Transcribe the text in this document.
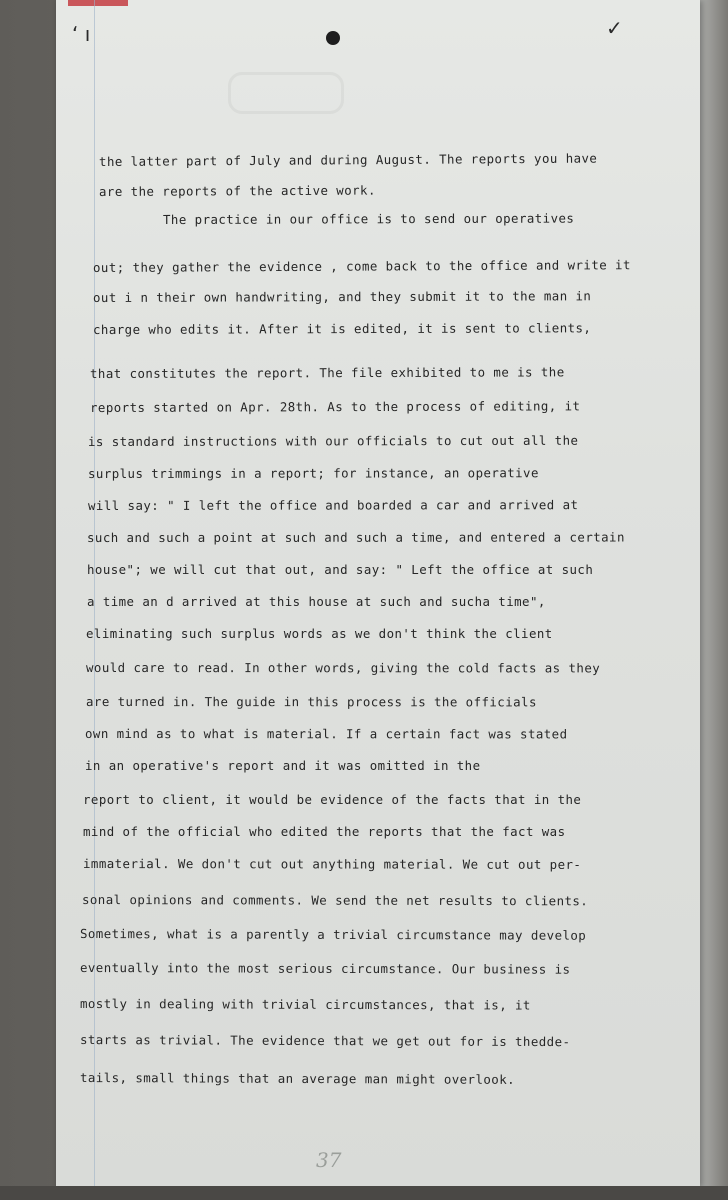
ʻ ı	✓
the latter part of July and during August. The reports you have
are the reports of the active work.
The practice in our office is to send our operatives
out; they gather the evidence , come back to the office and write it
out i n their own handwriting, and they submit it to the man in
charge who edits it. After it is edited, it is sent to clients,
that constitutes the report. The file exhibited to me is the
reports started on Apr. 28th. As to the process of editing, it
is standard instructions with our officials to cut out all the
surplus trimmings in a report; for instance, an operative
will say: " I left the office and boarded a car and arrived at
such and such a point at such and such a time, and entered a certain
house"; we will cut that out, and say: " Left the office at such
a time an d arrived at this house at such and sucha time",
eliminating such surplus words as we don't think the client
would care to read. In other words, giving the cold facts as they
are turned in. The guide in this process is the officials
own mind as to what is material. If a certain fact was stated
in an operative's report and it was omitted in the
report to client, it would be evidence of the facts that in the
mind of the official who edited the reports that the fact was
immaterial. We don't cut out anything material. We cut out per-
sonal opinions and comments. We send the net results to clients.
Sometimes, what is a parently a trivial circumstance may develop
eventually into the most serious circumstance. Our business is
mostly in dealing with trivial circumstances, that is, it
starts as trivial. The evidence that we get out for is thedde-
tails, small things that an average man might overlook.
37
